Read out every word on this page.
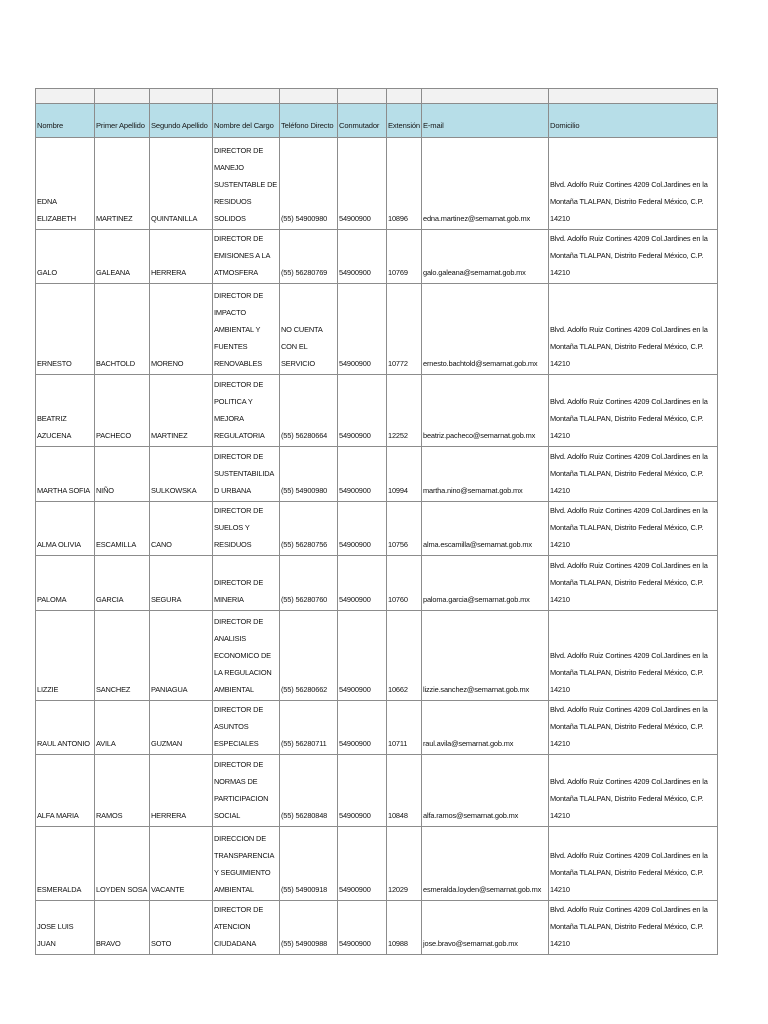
Nombre	Primer Apellido	Segundo Apellido	Nombre del Cargo	Teléfono Directo	Conmutador	Extensión	E-mail	Domicilio
EDNA ELIZABETH	MARTINEZ	QUINTANILLA	DIRECTOR DE MANEJO SUSTENTABLE DE RESIDUOS SOLIDOS	(55) 54900980	54900900	10896	edna.martinez@semarnat.gob.mx	Blvd. Adolfo Ruiz Cortines 4209 Col.Jardines en la
Montaña TLALPAN, Distrito Federal México, C.P. 14210
GALO	GALEANA	HERRERA	DIRECTOR DE EMISIONES A LA ATMOSFERA	(55) 56280769	54900900	10769	galo.galeana@semarnat.gob.mx	Blvd. Adolfo Ruiz Cortines 4209 Col.Jardines en la
Montaña TLALPAN, Distrito Federal México, C.P. 14210
ERNESTO	BACHTOLD	MORENO	DIRECTOR DE IMPACTO AMBIENTAL Y FUENTES RENOVABLES	NO CUENTA CON EL SERVICIO	54900900	10772	ernesto.bachtold@semarnat.gob.mx	Blvd. Adolfo Ruiz Cortines 4209 Col.Jardines en la
Montaña TLALPAN, Distrito Federal México, C.P. 14210
BEATRIZ AZUCENA	PACHECO	MARTINEZ	DIRECTOR DE POLITICA Y MEJORA REGULATORIA	(55) 56280664	54900900	12252	beatriz.pacheco@semarnat.gob.mx	Blvd. Adolfo Ruiz Cortines 4209 Col.Jardines en la
Montaña TLALPAN, Distrito Federal México, C.P. 14210
MARTHA SOFIA	NIÑO	SULKOWSKA	DIRECTOR DE SUSTENTABILIDAD URBANA	(55) 54900980	54900900	10994	martha.nino@semarnat.gob.mx	Blvd. Adolfo Ruiz Cortines 4209 Col.Jardines en la
Montaña TLALPAN, Distrito Federal México, C.P. 14210
ALMA OLIVIA	ESCAMILLA	CANO	DIRECTOR DE SUELOS Y RESIDUOS	(55) 56280756	54900900	10756	alma.escamilla@semarnat.gob.mx	Blvd. Adolfo Ruiz Cortines 4209 Col.Jardines en la
Montaña TLALPAN, Distrito Federal México, C.P. 14210
PALOMA	GARCIA	SEGURA	DIRECTOR DE MINERIA	(55) 56280760	54900900	10760	paloma.garcia@semarnat.gob.mx	Blvd. Adolfo Ruiz Cortines 4209 Col.Jardines en la
Montaña TLALPAN, Distrito Federal México, C.P. 14210
LIZZIE	SANCHEZ	PANIAGUA	DIRECTOR DE ANALISIS ECONOMICO DE LA REGULACION AMBIENTAL	(55) 56280662	54900900	10662	lizzie.sanchez@semarnat.gob.mx	Blvd. Adolfo Ruiz Cortines 4209 Col.Jardines en la
Montaña TLALPAN, Distrito Federal México, C.P. 14210
RAUL ANTONIO	AVILA	GUZMAN	DIRECTOR DE ASUNTOS ESPECIALES	(55) 56280711	54900900	10711	raul.avila@semarnat.gob.mx	Blvd. Adolfo Ruiz Cortines 4209 Col.Jardines en la
Montaña TLALPAN, Distrito Federal México, C.P. 14210
ALFA MARIA	RAMOS	HERRERA	DIRECTOR DE NORMAS DE PARTICIPACION SOCIAL	(55) 56280848	54900900	10848	alfa.ramos@semarnat.gob.mx	Blvd. Adolfo Ruiz Cortines 4209 Col.Jardines en la
Montaña TLALPAN, Distrito Federal México, C.P. 14210
ESMERALDA	LOYDEN SOSA	VACANTE	DIRECCION DE TRANSPARENCIA Y SEGUIMIENTO AMBIENTAL	(55) 54900918	54900900	12029	esmeralda.loyden@semarnat.gob.mx	Blvd. Adolfo Ruiz Cortines 4209 Col.Jardines en la
Montaña TLALPAN, Distrito Federal México, C.P. 14210
JOSE LUIS JUAN	BRAVO	SOTO	DIRECTOR DE ATENCION CIUDADANA	(55) 54900988	54900900	10988	jose.bravo@semarnat.gob.mx	Blvd. Adolfo Ruiz Cortines 4209 Col.Jardines en la
Montaña TLALPAN, Distrito Federal México, C.P. 14210
